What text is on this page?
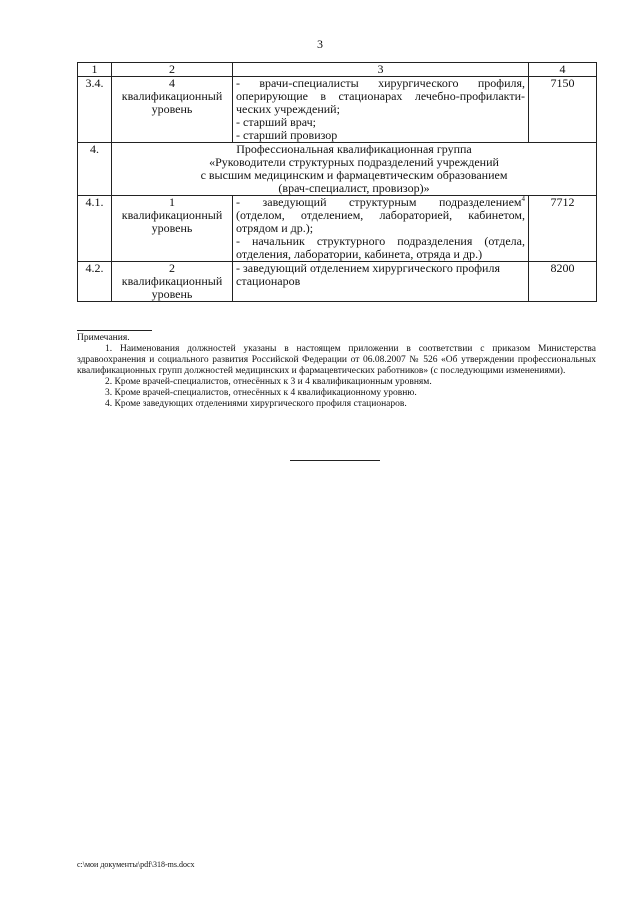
3
1	2	3	4
3.4.	4
квалификационный
уровень	- врачи-специалисты хирургического профиля,
оперирующие в стационарах лечебно-профилакти-
ческих учреждений;
- старший врач;
- старший провизор	7150
4.	Профессиональная квалификационная группа
«Руководители структурных подразделений учреждений
с высшим медицинским и фармацевтическим образованием
(врач-специалист, провизор)»		

4.1.	1
квалификационный
уровень	- заведующий структурным подразделением$^4$
(отделом, отделением, лабораторией, кабинетом,
отрядом и др.);
- начальник структурного подразделения (отдела,
отделения, лаборатории, кабинета, отряда и др.)	7712
4.2.	2
квалификационный
уровень	- заведующий отделением хирургического профиля
стационаров	8200

Примечания.

1. Наименования должностей указаны в настоящем приложении в соответствии с приказом Министерства здравоохранения и социального развития Российской Федерации от 06.08.2007 № 526 «Об утверждении профессиональных квалификационных групп должностей медицинских и фармацевтических работников» (с последующими изменениями).

2. Кроме врачей-специалистов, отнесённых к 3 и 4 квалификационным уровням.

3. Кроме врачей-специалистов, отнесённых к 4 квалификационному уровню.

4. Кроме заведующих отделениями хирургического профиля стационаров.

c:\мои документы\pdf\318-ms.docx
